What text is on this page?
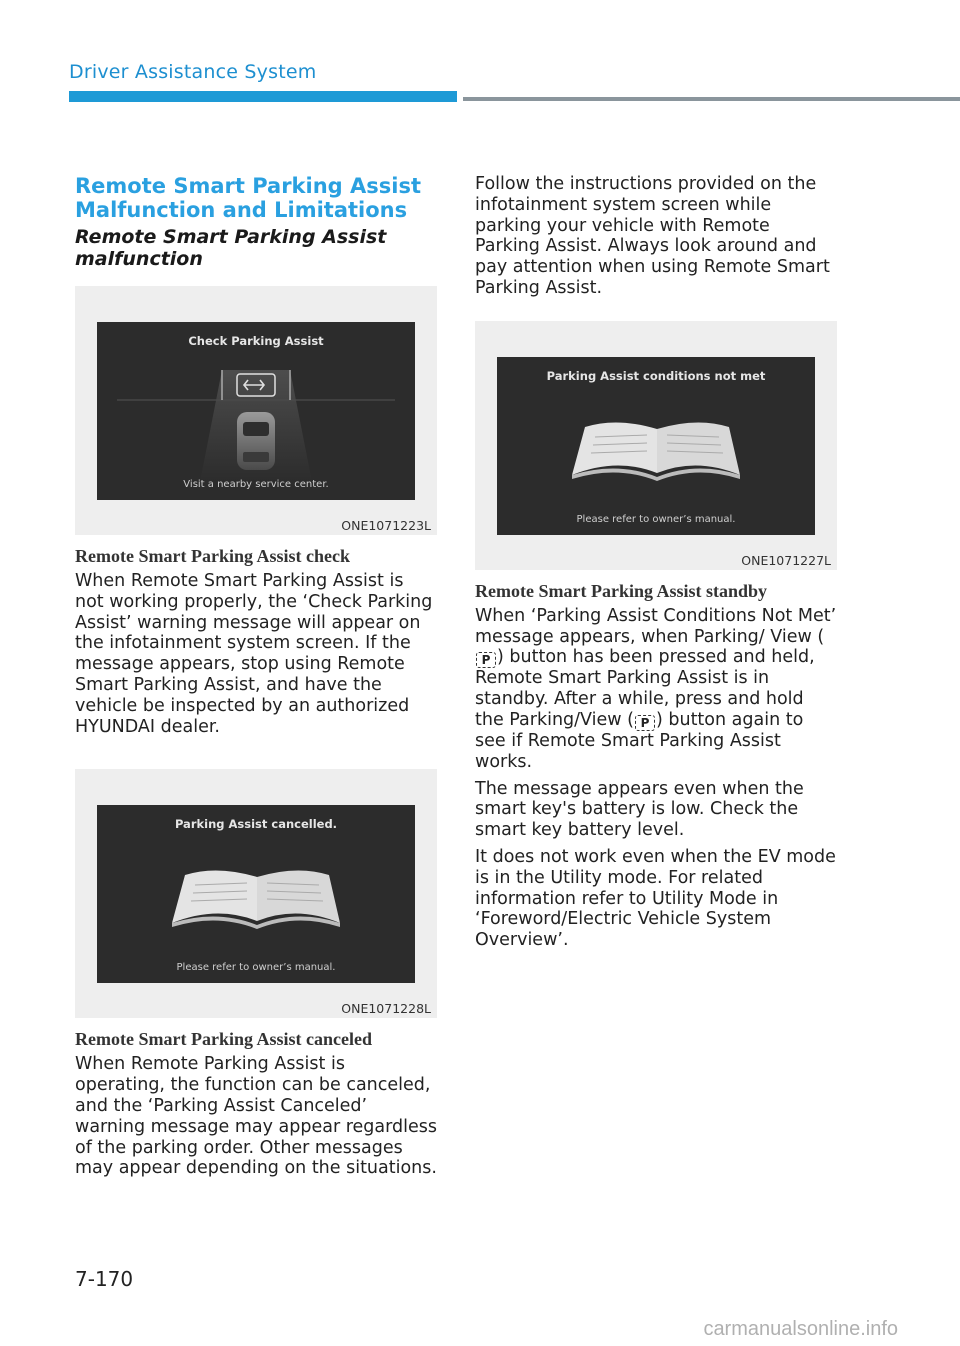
Driver Assistance System
Remote Smart Parking Assist
Malfunction and Limitations
Remote Smart Parking Assist
malfunction
Check Parking Assist
Visit a nearby service center.
ONE1071223L
Remote Smart Parking Assist check

When Remote Smart Parking Assist is not working properly, the ‘Check Parking Assist’ warning message will appear on the infotainment system screen. If the message appears, stop using Remote Smart Parking Assist, and have the vehicle be inspected by an authorized HYUNDAI dealer.

Parking Assist cancelled.
Please refer to owner’s manual.
ONE1071228L
Remote Smart Parking Assist canceled

When Remote Parking Assist is operating, the function can be canceled, and the ‘Parking Assist Canceled’ warning message may appear regardless of the parking order. Other messages may appear depending on the situations.

Follow the instructions provided on the infotainment system screen while parking your vehicle with Remote Parking Assist. Always look around and pay attention when using Remote Smart Parking Assist.

Parking Assist conditions not met
Please refer to owner’s manual.
ONE1071227L
Remote Smart Parking Assist standby

When ‘Parking Assist Conditions Not Met’ message appears, when Parking/ View (P ) button has been pressed and held, Remote Smart Parking Assist is in standby. After a while, press and hold the Parking/View ( P ) button again to see if Remote Smart Parking Assist works.

The message appears even when the smart key's battery is low. Check the smart key battery level.

It does not work even when the EV mode is in the Utility mode. For related information refer to Utility Mode in ‘Foreword/Electric Vehicle System Overview’.

7-170
carmanualsonline.info
